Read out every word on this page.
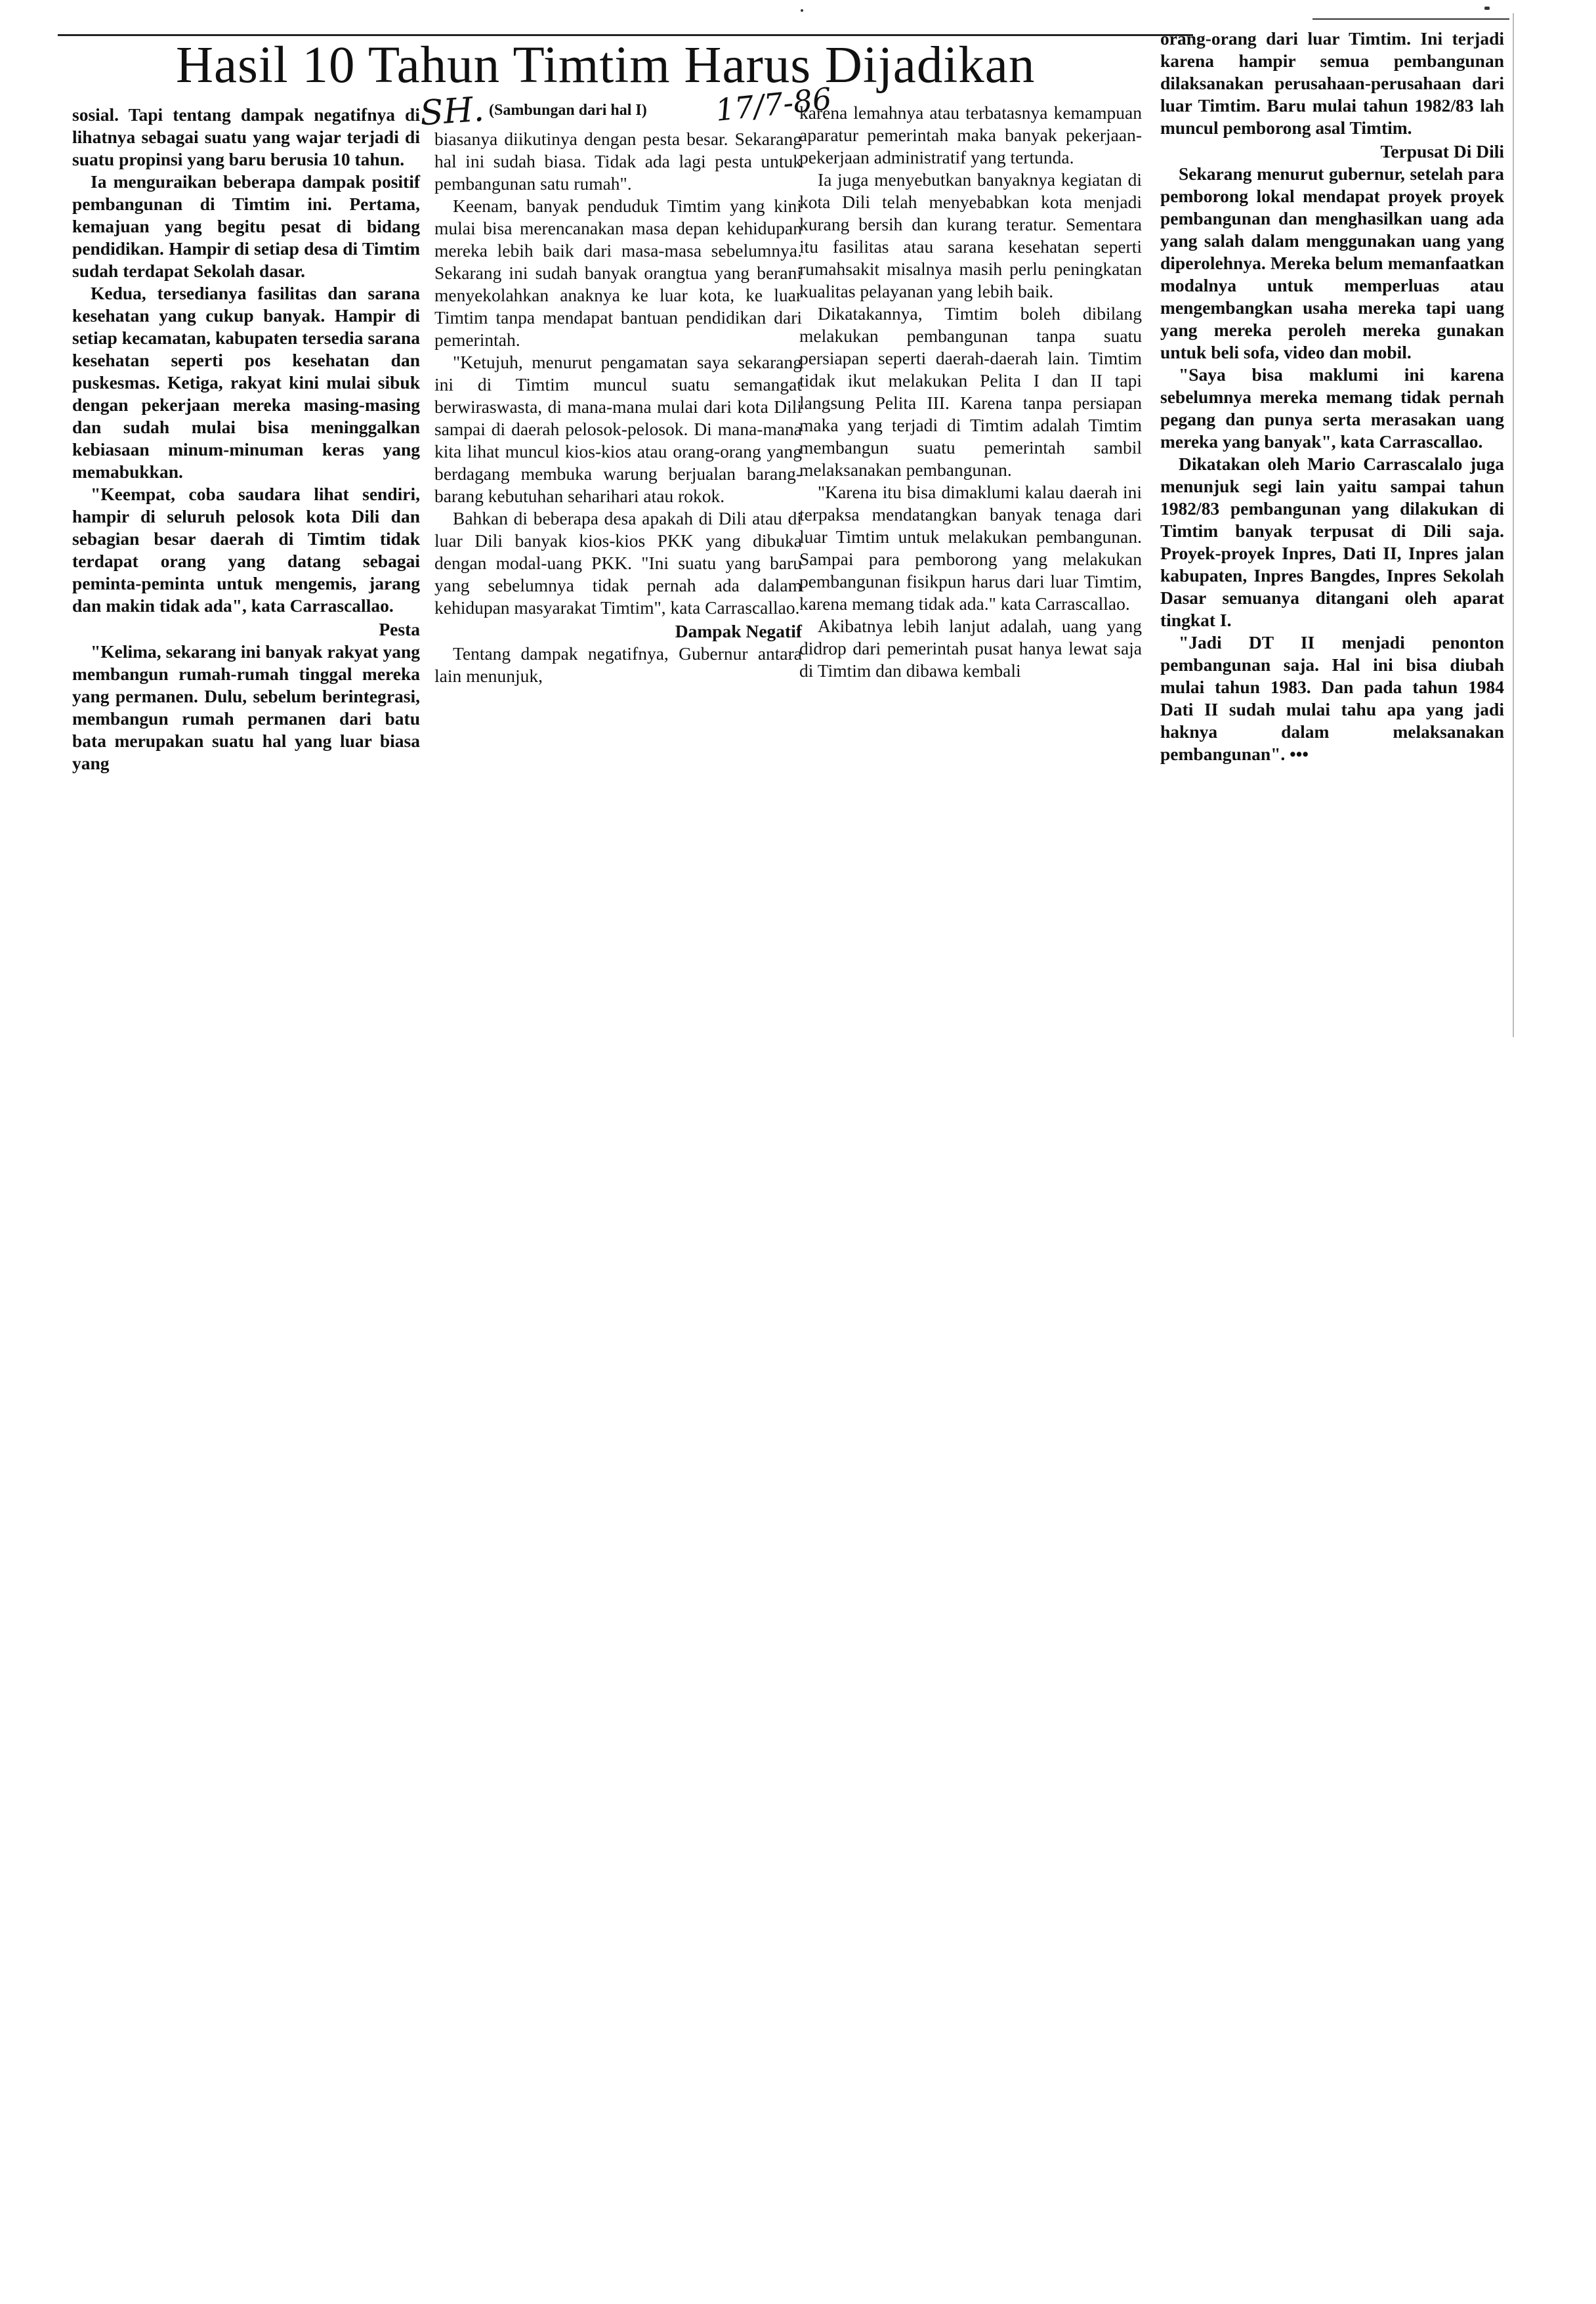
Hasil 10 Tahun Timtim Harus Dijadikan
SH. (Sambungan dari hal I) 17/7-86

sosial. Tapi tentang dampak negatifnya di lihatnya sebagai suatu yang wajar terjadi di suatu propinsi yang baru berusia 10 tahun.

Ia menguraikan beberapa dampak positif pembangunan di Timtim ini. Pertama, kemajuan yang begitu pesat di bidang pendidikan. Hampir di setiap desa di Timtim sudah terdapat Sekolah dasar.

Kedua, tersedianya fasilitas dan sarana kesehatan yang cukup banyak. Hampir di setiap kecamatan, kabupaten tersedia sarana kesehatan seperti pos kesehatan dan puskesmas. Ketiga, rakyat kini mulai sibuk dengan pekerjaan mereka masing-masing dan sudah mulai bisa meninggalkan kebiasaan minum-minuman keras yang memabukkan.

"Keempat, coba saudara lihat sendiri, hampir di seluruh pelosok kota Dili dan sebagian besar daerah di Timtim tidak terdapat orang yang datang sebagai peminta-peminta untuk mengemis, jarang dan makin tidak ada", kata Carrascallao.

Pesta

"Kelima, sekarang ini banyak rakyat yang membangun rumah-rumah tinggal mereka yang permanen. Dulu, sebelum berintegrasi, membangun rumah permanen dari batu bata merupakan suatu hal yang luar biasa yang

biasanya diikutinya dengan pesta besar. Sekarang hal ini sudah biasa. Tidak ada lagi pesta untuk pembangunan satu rumah".

Keenam, banyak penduduk Timtim yang kini mulai bisa merencanakan masa depan kehidupan mereka lebih baik dari masa-masa sebelumnya. Sekarang ini sudah banyak orangtua yang berani menyekolahkan anaknya ke luar kota, ke luar Timtim tanpa mendapat bantuan pendidikan dari pemerintah.

"Ketujuh, menurut pengamatan saya sekarang ini di Timtim muncul suatu semangat berwiraswasta, di mana-mana mulai dari kota Dili sampai di daerah pelosok-pelosok. Di mana-mana kita lihat muncul kios-kios atau orang-orang yang berdagang membuka warung berjualan barang-barang kebutuhan seharihari atau rokok.

Bahkan di beberapa desa apakah di Dili atau di luar Dili banyak kios-kios PKK yang dibuka dengan modal-uang PKK. "Ini suatu yang baru yang sebelumnya tidak pernah ada dalam kehidupan masyarakat Timtim", kata Carrascallao.

Dampak Negatif

Tentang dampak negatifnya, Gubernur antara lain menunjuk,

karena lemahnya atau terbatasnya kemampuan aparatur pemerintah maka banyak pekerjaan-pekerjaan administratif yang tertunda.

Ia juga menyebutkan banyaknya kegiatan di kota Dili telah menyebabkan kota menjadi kurang bersih dan kurang teratur. Sementara itu fasilitas atau sarana kesehatan seperti rumahsakit misalnya masih perlu peningkatan kualitas pelayanan yang lebih baik.

Dikatakannya, Timtim boleh dibilang melakukan pembangunan tanpa suatu persiapan seperti daerah-daerah lain. Timtim tidak ikut melakukan Pelita I dan II tapi langsung Pelita III. Karena tanpa persiapan maka yang terjadi di Timtim adalah Timtim membangun suatu pemerintah sambil melaksanakan pembangunan.

"Karena itu bisa dimaklumi kalau daerah ini terpaksa mendatangkan banyak tenaga dari luar Timtim untuk melakukan pembangunan. Sampai para pemborong yang melakukan pembangunan fisikpun harus dari luar Timtim, karena memang tidak ada." kata Carrascallao.

Akibatnya lebih lanjut adalah, uang yang didrop dari pemerintah pusat hanya lewat saja di Timtim dan dibawa kembali

orang-orang dari luar Timtim. Ini terjadi karena hampir semua pembangunan dilaksanakan perusahaan-perusahaan dari luar Timtim. Baru mulai tahun 1982/83 lah muncul pemborong asal Timtim.

Terpusat Di Dili

Sekarang menurut gubernur, setelah para pemborong lokal mendapat proyek proyek pembangunan dan menghasilkan uang ada yang salah dalam menggunakan uang yang diperolehnya. Mereka belum memanfaatkan modalnya untuk memperluas atau mengembangkan usaha mereka tapi uang yang mereka peroleh mereka gunakan untuk beli sofa, video dan mobil.

"Saya bisa maklumi ini karena sebelumnya mereka memang tidak pernah pegang dan punya serta merasakan uang mereka yang banyak", kata Carrascallao.

Dikatakan oleh Mario Carrascalalo juga menunjuk segi lain yaitu sampai tahun 1982/83 pembangunan yang dilakukan di Timtim banyak terpusat di Dili saja. Proyek-proyek Inpres, Dati II, Inpres jalan kabupaten, Inpres Bangdes, Inpres Sekolah Dasar semuanya ditangani oleh aparat tingkat I.

"Jadi DT II menjadi penonton pembangunan saja. Hal ini bisa diubah mulai tahun 1983. Dan pada tahun 1984 Dati II sudah mulai tahu apa yang jadi haknya dalam melaksanakan pembangunan". •••
